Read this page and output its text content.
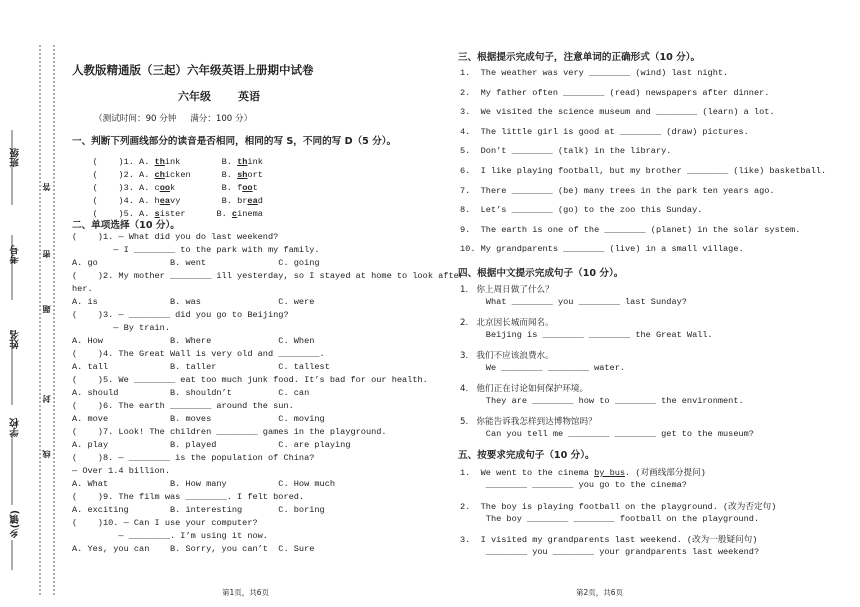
班级
考号
姓名
学校
乡(镇)
答
密
题
封
线
人教版精通版（三起）六年级英语上册期中试卷
六年级 英语
（测试时间：90 分钟     满分：100 分）
一、判断下列画线部分的读音是否相同，相同的写 S，不同的写 D（5 分）。

(    )1. A. think        B. think

(    )2. A. chicken      B. short

(    )3. A. cook         B. foot

(    )4. A. heavy        B. bread

(    )5. A. sister      B. cinema

二、单项选择（10 分）。
(    )1. — What did you do last weekend?
— I ________ to the park with my family.
A. go              B. went              C. going
(    )2. My mother ________ ill yesterday, so I stayed at home to look after
her.
A. is              B. was               C. were
(    )3. — ________ did you go to Beijing?
— By train.
A. How             B. Where             C. When
(    )4. The Great Wall is very old and ________.
A. tall            B. taller            C. tallest
(    )5. We ________ eat too much junk food. It’s bad for our health.
A. should          B. shouldn’t         C. can
(    )6. The earth ________ around the sun.
A. move            B. moves             C. moving
(    )7. Look! The children ________ games in the playground.
A. play            B. played            C. are playing
(    )8. — ________ is the population of China?
— Over 1.4 billion.
A. What            B. How many          C. How much
(    )9. The film was ________. I felt bored.
A. exciting        B. interesting       C. boring
(    )10. — Can I use your computer?
— ________. I’m using it now.
A. Yes, you can    B. Sorry, you can’t  C. Sure
第1页，共6页
三、根据提示完成句子，注意单词的正确形式（10 分）。
1.  The weather was very ________ (wind) last night.
2.  My father often ________ (read) newspapers after dinner.
3.  We visited the science museum and ________ (learn) a lot.
4.  The little girl is good at ________ (draw) pictures.
5.  Don’t ________ (talk) in the library.
6.  I like playing football, but my brother ________ (like) basketball.
7.  There ________ (be) many trees in the park ten years ago.
8.  Let’s ________ (go) to the zoo this Sunday.
9.  The earth is one of the ________ (planet) in the solar system.
10. My grandparents ________ (live) in a small village.
四、根据中文提示完成句子（10 分）。
1.   你上周日做了什么？
What ________ you ________ last Sunday?
2.   北京因长城而闻名。
Beijing is ________ ________ the Great Wall.
3.   我们不应该浪费水。
We ________ ________ water.
4.   他们正在讨论如何保护环境。
They are ________ how to ________ the environment.
5.   你能告诉我怎样到达博物馆吗？
Can you tell me ________ ________ get to the museum?
五、按要求完成句子（10 分）。
1.  We went to the cinema by bus. (对画线部分提问)
________ ________ you go to the cinema?
2.  The boy is playing football on the playground. (改为否定句)
The boy ________ ________ football on the playground.
3.  I visited my grandparents last weekend. (改为一般疑问句)
________ you ________ your grandparents last weekend?
第2页，共6页
